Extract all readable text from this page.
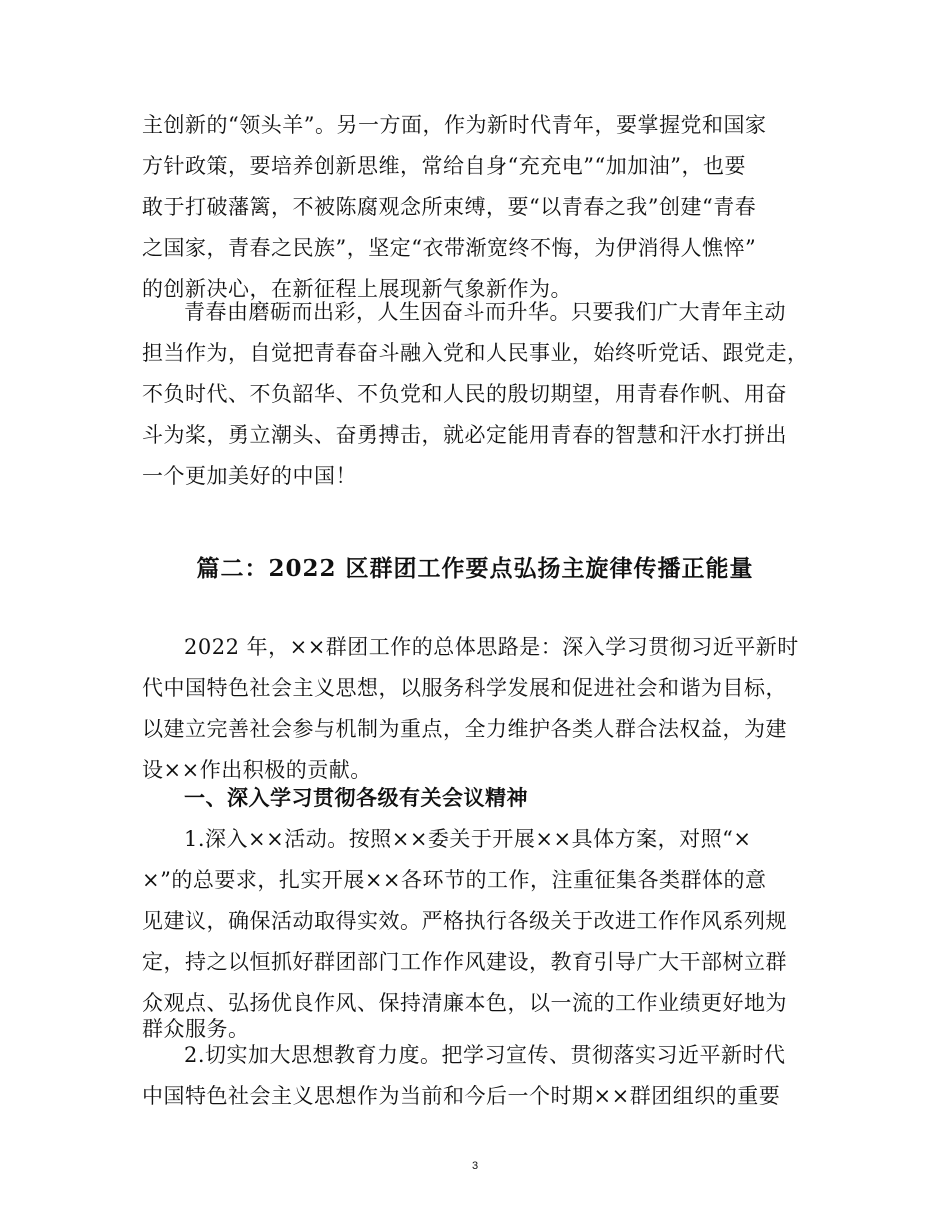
主创新的“领头羊”。另一方面，作为新时代青年，要掌握党和国家
方针政策，要培养创新思维，常给自身“充充电”“加加油”，也要
敢于打破藩篱，不被陈腐观念所束缚，要“以青春之我”创建“青春
之国家，青春之民族”，坚定“衣带渐宽终不悔，为伊消得人憔悴”
的创新决心，在新征程上展现新气象新作为。
青春由磨砺而出彩，人生因奋斗而升华。只要我们广大青年主动
担当作为，自觉把青春奋斗融入党和人民事业，始终听党话、跟党走，
不负时代、不负韶华、不负党和人民的殷切期望，用青春作帆、用奋
斗为桨，勇立潮头、奋勇搏击，就必定能用青春的智慧和汗水打拼出
一个更加美好的中国！
篇二：2022 区群团工作要点弘扬主旋律传播正能量
2022 年，××群团工作的总体思路是：深入学习贯彻习近平新时
代中国特色社会主义思想，以服务科学发展和促进社会和谐为目标，
以建立完善社会参与机制为重点，全力维护各类人群合法权益，为建
设××作出积极的贡献。
一、深入学习贯彻各级有关会议精神
1.深入××活动。按照××委关于开展××具体方案，对照“×
×”的总要求，扎实开展××各环节的工作，注重征集各类群体的意
见建议，确保活动取得实效。严格执行各级关于改进工作作风系列规
定，持之以恒抓好群团部门工作作风建设，教育引导广大干部树立群
众观点、弘扬优良作风、保持清廉本色，以一流的工作业绩更好地为
群众服务。
2.切实加大思想教育力度。把学习宣传、贯彻落实习近平新时代
中国特色社会主义思想作为当前和今后一个时期××群团组织的重要
3
